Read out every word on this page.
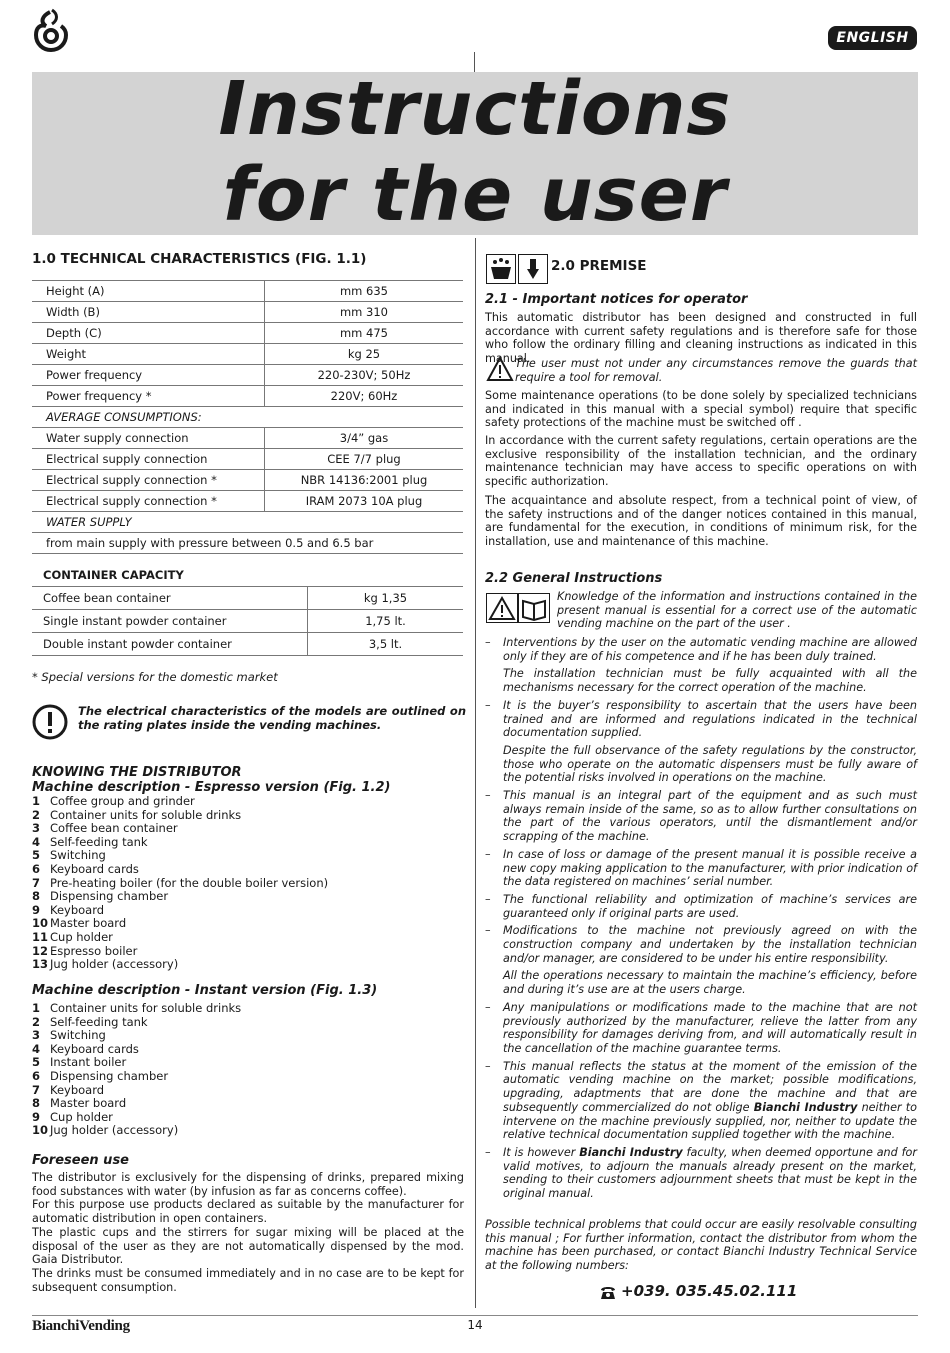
ENGLISH
Instructions
for the user
1.0 TECHNICAL CHARACTERISTICS (FIG. 1.1)
Height (A)	mm 635
Width (B)	mm 310
Depth (C)	mm 475
Weight	kg 25
Power frequency	220-230V; 50Hz
Power frequency *	220V; 60Hz
AVERAGE CONSUMPTIONS:	
Water supply connection	3/4” gas
Electrical supply connection	CEE 7/7 plug
Electrical supply connection *	NBR 14136:2001 plug
Electrical supply connection *	IRAM 2073 10A plug
WATER SUPPLY	
from main supply with pressure between 0.5 and 6.5 bar	
CONTAINER CAPACITY	
Coffee bean container	kg 1,35
Single instant powder container	1,75 lt.
Double instant powder container	3,5 lt.
* Special versions for the domestic market
The electrical characteristics of the models are outlined on the rating plates inside the vending machines.
KNOWING THE DISTRIBUTOR
Machine description - Espresso version (Fig. 1.2)
1 Coffee group and grinder
2 Container units for soluble drinks
3 Coffee bean container
4 Self-feeding tank
5 Switching
6 Keyboard cards
7 Pre-heating boiler (for the double boiler version)
8 Dispensing chamber
9 Keyboard
10 Master board
11 Cup holder
12 Espresso boiler
13 Jug holder (accessory)
Machine description - Instant version (Fig. 1.3)
1 Container units for soluble drinks
2 Self-feeding tank
3 Switching
4 Keyboard cards
5 Instant boiler
6 Dispensing chamber
7 Keyboard
8 Master board
9 Cup holder
10 Jug holder (accessory)
Foreseen use
The distributor is exclusively for the dispensing of drinks, prepared mixing food substances with water (by infusion as far as concerns coffee).
For this purpose use products declared as suitable by the manufacturer for automatic distribution in open containers.
The plastic cups and the stirrers for sugar mixing will be placed at the disposal of the user as they are not automatically dispensed by the mod. Gaia Distributor.
The drinks must be consumed immediately and in no case are to be kept for subsequent consumption.
2.0 PREMISE
2.1 - Important notices for operator
This automatic distributor has been designed and constructed in full accordance with current safety regulations and is therefore safe for those who follow the ordinary filling and cleaning instructions as indicated in this manual.
The user must not under any circumstances remove the guards that require a tool for removal.
Some maintenance operations (to be done solely by specialized technicians and indicated in this manual with a special symbol) require that specific safety protections of the machine must be switched off .
In accordance with the current safety regulations, certain operations are the exclusive responsibility of the installation technician, and the ordinary maintenance technician may have access to specific operations on with specific authorization.
The acquaintance and absolute respect, from a technical point of view, of the safety instructions and of the danger notices contained in this manual, are fundamental for the execution, in conditions of minimum risk, for the installation, use and maintenance of this machine.
2.2 General Instructions
Knowledge of the information and instructions contained in the present manual is essential for a correct use of the automatic vending machine on the part of the user .
–	Interventions by the user on the automatic vending machine are allowed only if they are of his competence and if he has been duly trained.
The installation technician must be fully acquainted with all the mechanisms necessary for the correct operation of the machine.
–	It is the buyer’s responsibility to ascertain that the users have been trained and are informed and regulations indicated in the technical documentation supplied.
Despite the full observance of the safety regulations by the constructor, those who operate on the automatic dispensers must be fully aware of the potential risks involved in operations on the machine.
–	This manual is an integral part of the equipment and as such must always remain inside of the same, so as to allow further consultations on the part of the various operators, until the dismantlement and/or scrapping of the machine.
–	In case of loss or damage of the present manual it is possible receive a new copy making application to the manufacturer, with prior indication of the data registered on machines’ serial number.
–	The functional reliability and optimization of machine’s services are guaranteed only if original parts are used.
–	Modifications to the machine not previously agreed on with the construction company and undertaken by the installation technician and/or manager, are considered to be under his entire responsibility.
All the operations necessary to maintain the machine’s efficiency, before and during it’s use are at the users charge.
–	Any manipulations or modifications made to the machine that are not previously authorized by the manufacturer, relieve the latter from any responsibility for damages deriving from, and will automatically result in the cancellation of the machine guarantee terms.
–	This manual reflects the status at the moment of the emission of the automatic vending machine on the market; possible modifications, upgrading, adaptments that are done the machine and that are subsequently commercialized do not oblige Bianchi Industry neither to intervene on the machine previously supplied, nor, neither to update the relative technical documentation supplied together with the machine.
–	It is however Bianchi Industry faculty, when deemed opportune and for valid motives, to adjourn the manuals already present on the market, sending to their customers adjournment sheets that must be kept in the original manual.
Possible technical problems that could occur are easily resolvable consulting this manual ; For further information, contact the distributor from whom the machine has been purchased, or contact Bianchi Industry Technical Service at the following numbers:
+039. 035.45.02.111
BianchiVending	14
